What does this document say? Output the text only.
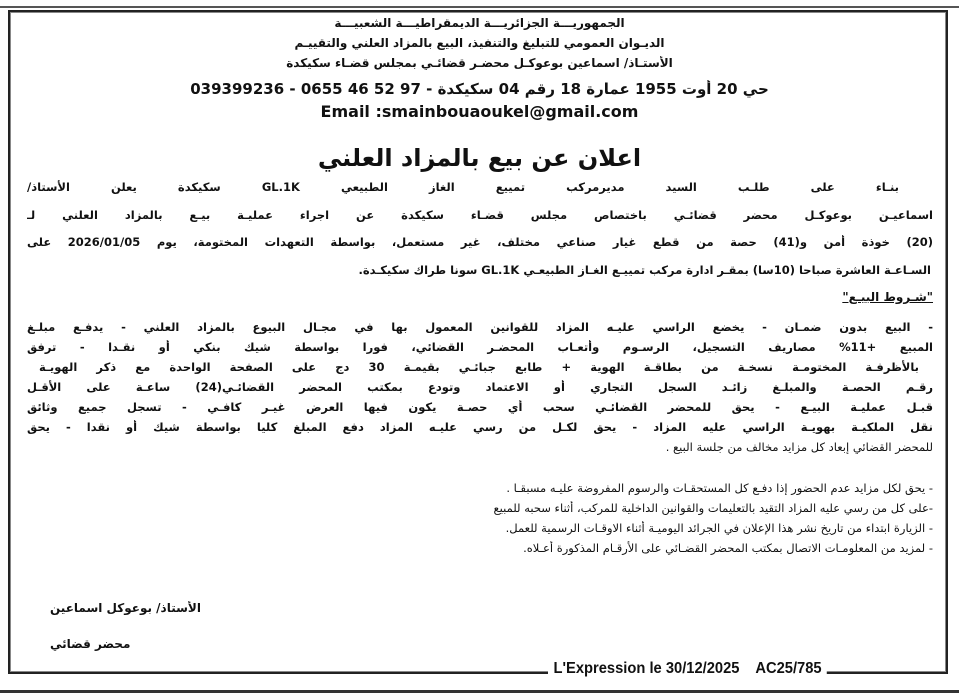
الجمهوريـــة الجزائريـــة الديمقراطيـــة الشعبيـــة
الديـوان العمومي للتبليغ والتنفيذ، البيع بالمزاد العلني والتقييـم
الأستـاذ/ اسماعين بوعوكـل محضـر قضائـي بمجلس قضـاء سكيكدة
حي 20 أوت 1955 عمارة 18 رقم 04 سكيكدة - 97 52 46 0655 - 039399236
Email :smainbouaoukel@gmail.com
اعلان عن بيع بالمزاد العلني
بنـاء على طلـب السيد مديرمركب تمييع الغاز الطبيعي GL.1K سكيكدة يعلن الأستاذ/
اسماعيـن بوعوكـل محضر قضائـي باختصاص مجلس قضـاء سكيكدة عن اجراء عمليـة بيـع بالمزاد العلني لـ
(20) خوذة أمن و(41) حصة من قطع غيار صناعي مختلف، غير مستعمل، بواسطة التعهدات المختومة، يوم 2026/01/05 على
السـاعـة العاشرة صباحا (10سا) بمقـر ادارة مركب تمييـع الغـاز الطبيعـي GL.1K سونا طراك سكيكـدة.
"شـروط البيـع"
- البيع بدون ضمـان - يخضع الراسي عليـه المزاد للقوانين المعمول بها في مجـال البيوع بالمزاد العلني - يدفـع مبلـغ
المبيع +11% مصاريف التسجيل، الرسـوم وأتعـاب المحضـر القضائي، فورا بواسطة شيك بنكي أو نقـدا - ترفق
بالأظرفـة المختومـة نسخـة من بطاقـة الهوية + طابع جبائـي بقيمـة 30 دج على الصفحة الواحدة مع ذكر الهويـة
رقـم الحصـة والمبلـغ زائـد السجل التجاري أو الاعتماد وتودع بمكتب المحضر القضائـي(24) ساعـة على الأقـل
قبـل عمليـة البيـع - يحق للمحضر القضائـي سحب أي حصـة يكون فيها العرض غيـر كافـي - تسجل جميع وثائق
نقل الملكيـة بهويـة الراسي عليه المزاد - يحق لكـل من رسي عليـه المزاد دفع المبلغ كليا بواسطة شيك أو نقدا - يحق
للمحضر القضائي إبعاد كل مزايد مخالف من جلسة البيع .
- يحق لكل مزايد عدم الحضور إذا دفـع كل المستحقـات والرسوم المفروضة عليـه مسبقـا .
-على كل من رسي عليه المزاد التقيد بالتعليمات والقوانين الداخلية للمركب، أثناء سحبه للمبيع
- الزيارة ابتداء من تاريخ نشر هذا الإعلان في الجرائد اليوميـة أثناء الاوقـات الرسمية للعمل.
- لمزيد من المعلومـات الاتصال بمكتب المحضر القضـائي على الأرقـام المذكورة أعـلاه.
الأستاذ/ بوعوكل اسماعين
محضر قضائي
L'Expression le 30/12/2025 AC25/785
